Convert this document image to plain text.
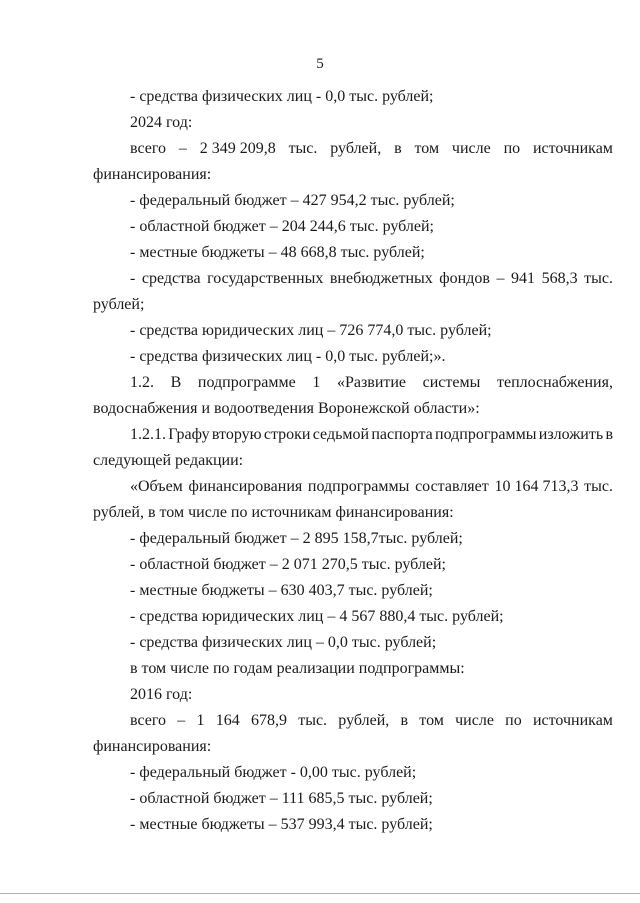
5
- средства физических лиц - 0,0 тыс. рублей;
2024 год:
всего – 2 349 209,8 тыс. рублей, в том числе по источникам
финансирования:
- федеральный бюджет – 427 954,2 тыс. рублей;
- областной бюджет – 204 244,6 тыс. рублей;
- местные бюджеты – 48 668,8 тыс. рублей;
- средства государственных внебюджетных фондов – 941 568,3 тыс.
рублей;
- средства юридических лиц – 726 774,0 тыс. рублей;
- средства физических лиц - 0,0 тыс. рублей;».
1.2. В подпрограмме 1 «Развитие системы теплоснабжения,
водоснабжения и водоотведения Воронежской области»:
1.2.1. Графу вторую строки седьмой паспорта подпрограммы изложить в
следующей редакции:
«Объем финансирования подпрограммы составляет 10 164 713,3 тыс.
рублей, в том числе по источникам финансирования:
- федеральный бюджет – 2 895 158,7тыс. рублей;
- областной бюджет – 2 071 270,5 тыс. рублей;
- местные бюджеты – 630 403,7 тыс. рублей;
- средства юридических лиц – 4 567 880,4 тыс. рублей;
- средства физических лиц – 0,0 тыс. рублей;
в том числе по годам реализации подпрограммы:
2016 год:
всего – 1 164 678,9 тыс. рублей, в том числе по источникам
финансирования:
- федеральный бюджет - 0,00 тыс. рублей;
- областной бюджет – 111 685,5 тыс. рублей;
- местные бюджеты – 537 993,4 тыс. рублей;
